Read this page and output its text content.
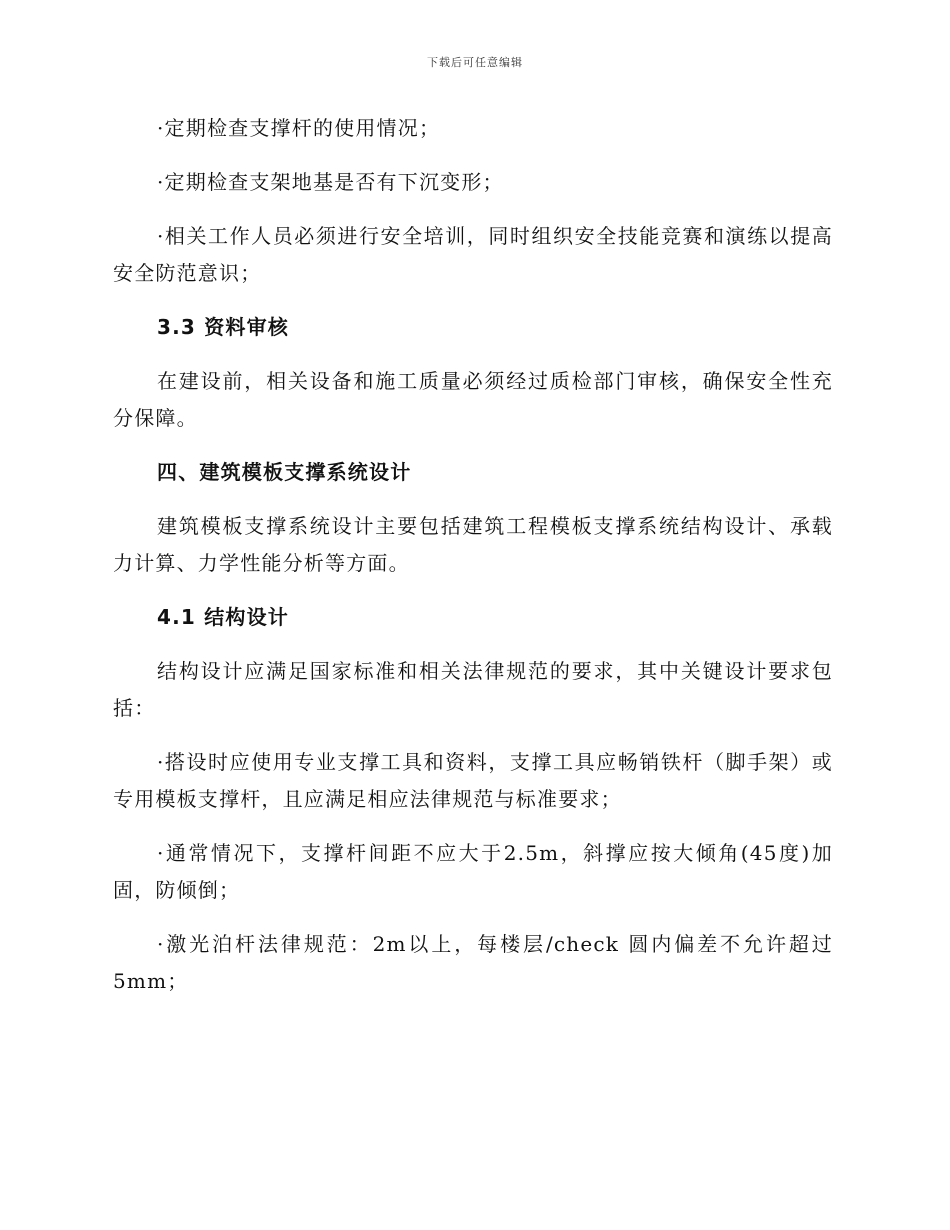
下载后可任意编辑

·定期检查支撑杆的使用情况；

·定期检查支架地基是否有下沉变形；

·相关工作人员必须进行安全培训，同时组织安全技能竞赛和演练以提高安全防范意识；

3.3 资料审核

在建设前，相关设备和施工质量必须经过质检部门审核，确保安全性充分保障。

四、建筑模板支撑系统设计

建筑模板支撑系统设计主要包括建筑工程模板支撑系统结构设计、承载力计算、力学性能分析等方面。

4.1 结构设计

结构设计应满足国家标准和相关法律规范的要求，其中关键设计要求包括：

·搭设时应使用专业支撑工具和资料，支撑工具应畅销铁杆（脚手架）或专用模板支撑杆，且应满足相应法律规范与标准要求；

·通常情况下，支撑杆间距不应大于2.5m，斜撑应按大倾角(45度)加固，防倾倒；

·激光泊杆法律规范：2m以上，每楼层/check 圆内偏差不允许超过5mm；
